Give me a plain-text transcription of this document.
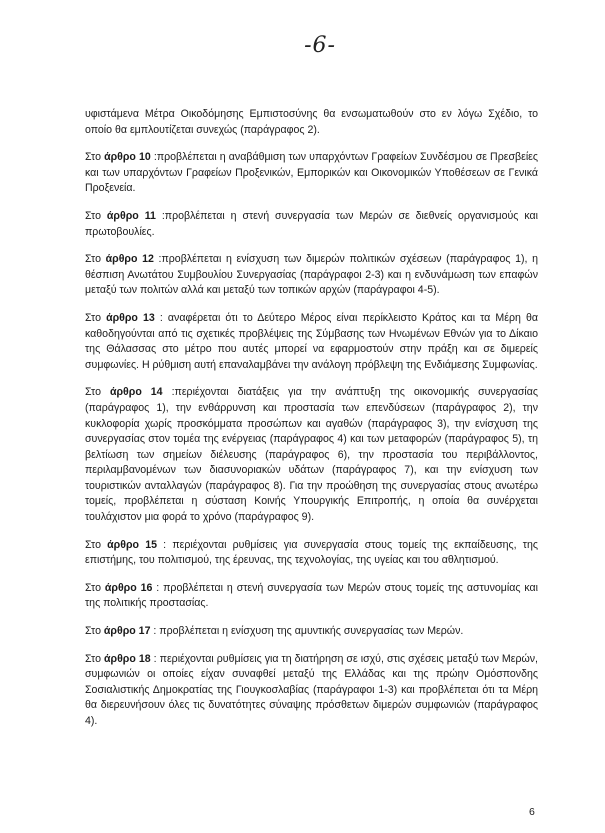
-6-

υφιστάμενα Μέτρα Οικοδόμησης Εμπιστοσύνης θα ενσωματωθούν στο εν λόγω Σχέδιο, το οποίο θα εμπλουτίζεται συνεχώς (παράγραφος 2).

Στο άρθρο 10 :προβλέπεται η αναβάθμιση των υπαρχόντων Γραφείων Συνδέσμου σε Πρεσβείες και των υπαρχόντων Γραφείων Προξενικών, Εμπορικών και Οικονομικών Υποθέσεων σε Γενικά Προξενεία.

Στο άρθρο 11 :προβλέπεται η στενή συνεργασία των Μερών σε διεθνείς οργανισμούς και πρωτοβουλίες.

Στο άρθρο 12 :προβλέπεται η ενίσχυση των διμερών πολιτικών σχέσεων (παράγραφος 1), η θέσπιση Ανωτάτου Συμβουλίου Συνεργασίας (παράγραφοι 2-3) και η ενδυνάμωση των επαφών μεταξύ των πολιτών αλλά και μεταξύ των τοπικών αρχών (παράγραφοι 4-5).

Στο άρθρο 13 : αναφέρεται ότι το Δεύτερο Μέρος είναι περίκλειστο Κράτος και τα Μέρη θα καθοδηγούνται από τις σχετικές προβλέψεις της Σύμβασης των Ηνωμένων Εθνών για το Δίκαιο της Θάλασσας στο μέτρο που αυτές μπορεί να εφαρμοστούν στην πράξη και σε διμερείς συμφωνίες. Η ρύθμιση αυτή επαναλαμβάνει την ανάλογη πρόβλεψη της Ενδιάμεσης Συμφωνίας.

Στο άρθρο 14 :περιέχονται διατάξεις για την ανάπτυξη της οικονομικής συνεργασίας (παράγραφος 1), την ενθάρρυνση και προστασία των επενδύσεων (παράγραφος 2), την κυκλοφορία χωρίς προσκόμματα προσώπων και αγαθών (παράγραφος 3), την ενίσχυση της συνεργασίας στον τομέα της ενέργειας (παράγραφος 4) και των μεταφορών (παράγραφος 5), τη βελτίωση των σημείων διέλευσης (παράγραφος 6), την προστασία του περιβάλλοντος, περιλαμβανομένων των διασυνοριακών υδάτων (παράγραφος 7), και την ενίσχυση των τουριστικών ανταλλαγών (παράγραφος 8). Για την προώθηση της συνεργασίας στους ανωτέρω τομείς, προβλέπεται η σύσταση Κοινής Υπουργικής Επιτροπής, η οποία θα συνέρχεται τουλάχιστον μια φορά το χρόνο (παράγραφος 9).

Στο άρθρο 15 : περιέχονται ρυθμίσεις για συνεργασία στους τομείς της εκπαίδευσης, της επιστήμης, του πολιτισμού, της έρευνας, της τεχνολογίας, της υγείας και του αθλητισμού.

Στο άρθρο 16 : προβλέπεται η στενή συνεργασία των Μερών στους τομείς της αστυνομίας και της πολιτικής προστασίας.

Στο άρθρο 17 : προβλέπεται η ενίσχυση της αμυντικής συνεργασίας των Μερών.

Στο άρθρο 18 : περιέχονται ρυθμίσεις για τη διατήρηση σε ισχύ, στις σχέσεις μεταξύ των Μερών, συμφωνιών οι οποίες είχαν συναφθεί μεταξύ της Ελλάδας και της πρώην Ομόσπονδης Σοσιαλιστικής Δημοκρατίας της Γιουγκοσλαβίας (παράγραφοι 1-3) και προβλέπεται ότι τα Μέρη θα διερευνήσουν όλες τις δυνατότητες σύναψης πρόσθετων διμερών συμφωνιών (παράγραφος 4).

6
